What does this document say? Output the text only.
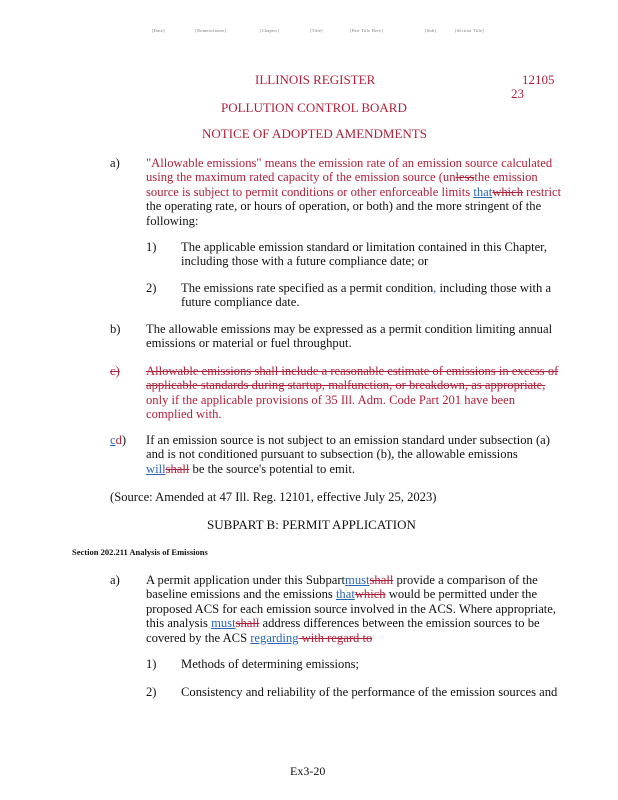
[Date]	[Nomenclature]	[Chapter]	[Title]	[Part Title Here]	[Sub]	[Section Title]
ILLINOIS REGISTER	12105
23
POLLUTION CONTROL BOARD
NOTICE OF ADOPTED AMENDMENTS
a) "Allowable emissions" means the emission rate of an emission source calculated
using the maximum rated capacity of the emission source (unlessthe emission
source is subject to permit conditions or other enforceable limits thatwhich restrict
the operating rate, or hours of operation, or both) and the more stringent of the
following:
1) The applicable emission standard or limitation contained in this Chapter,
including those with a future compliance date; or
2) The emissions rate specified as a permit condition, including those with a
future compliance date.
b) The allowable emissions may be expressed as a permit condition limiting annual
emissions or material or fuel throughput.
c) Allowable emissions shall include a reasonable estimate of emissions in excess of
applicable standards during startup, malfunction, or breakdown, as appropriate,
only if the applicable provisions of 35 Ill. Adm. Code Part 201 have been
complied with.
cd) If an emission source is not subject to an emission standard under subsection (a)
and is not conditioned pursuant to subsection (b), the allowable emissions
willshall be the source's potential to emit.
(Source: Amended at 47 Ill. Reg. 12101, effective July 25, 2023)
SUBPART B: PERMIT APPLICATION
Section 202.211 Analysis of Emissions
a) A permit application under this Subpartmustshall provide a comparison of the
baseline emissions and the emissions thatwhich would be permitted under the
proposed ACS for each emission source involved in the ACS. Where appropriate,
this analysis mustshall address differences between the emission sources to be
covered by the ACS regarding with regard to
1) Methods of determining emissions;
2) Consistency and reliability of the performance of the emission sources and
Ex3-20
